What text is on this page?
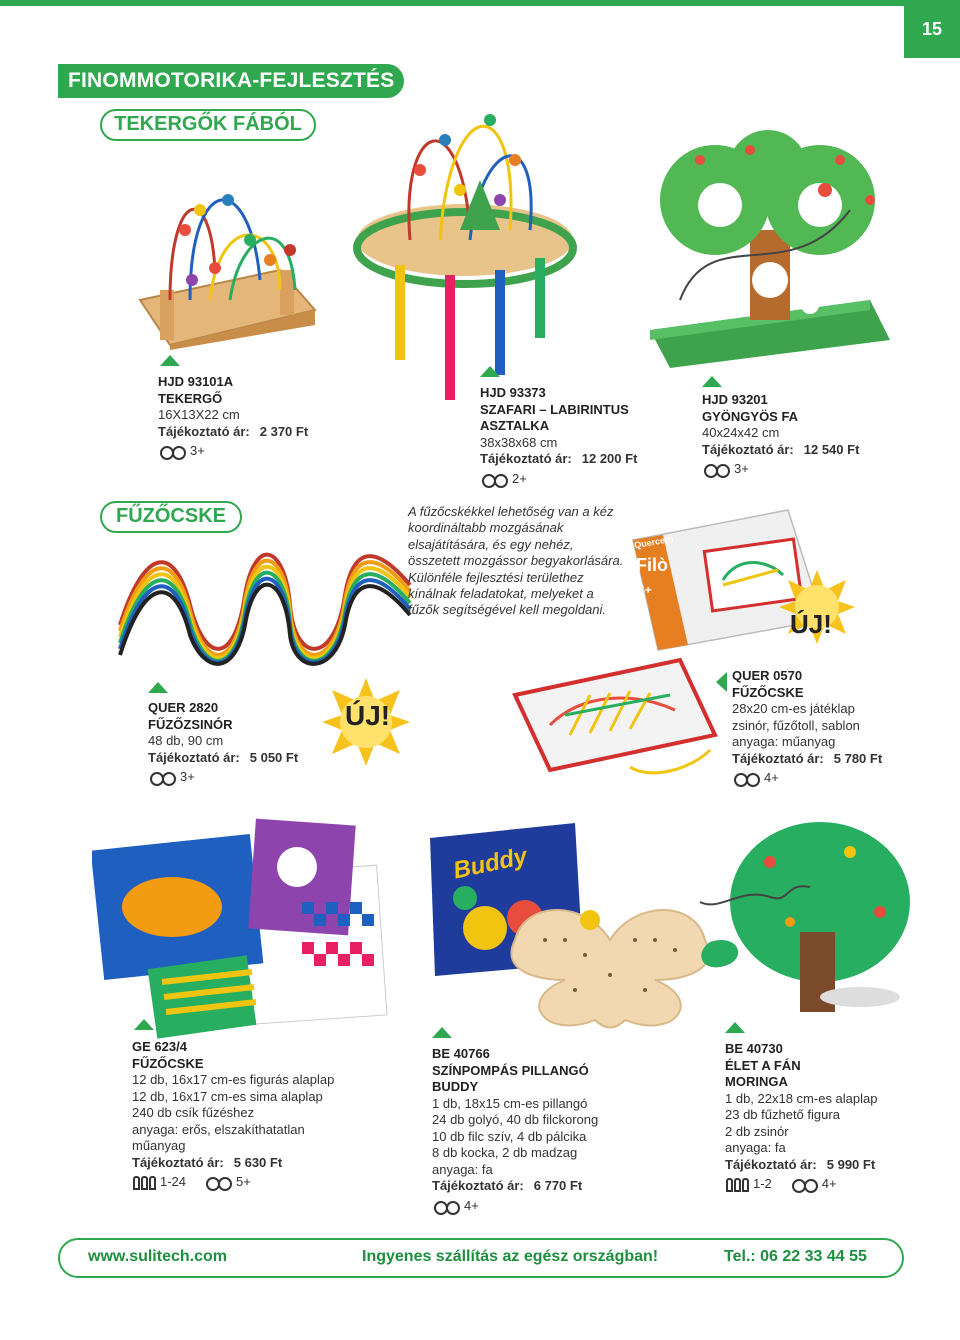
15
FINOMMOTORIKA-FEJLESZTÉS
TEKERGŐK FÁBÓL
HJD 93101A
TEKERGŐ
16X13X22 cm
Tájékoztató ár: 2 370 Ft
3+
HJD 93373
SZAFARI – LABIRINTUS
ASZTALKA
38x38x68 cm
Tájékoztató ár: 12 200 Ft
2+
HJD 93201
GYÖNGYÖS FA
40x24x42 cm
Tájékoztató ár: 12 540 Ft
3+
FŰZŐCSKE	A fűzőcskékkel lehetőség van a kéz koordináltabb mozgásának elsajátítására, és egy nehéz, összetett mozgássor begyakorlására. Különféle fejlesztési területhez kínálnak feladatokat, melyeket a fűzők segítségével kell megoldani.
Quercetti
Filò
4+
ÚJ!
QUER 2820
FŰZŐZSINÓR
48 db, 90 cm
Tájékoztató ár: 5 050 Ft
3+
ÚJ!
QUER 0570
FŰZŐCSKE
28x20 cm-es játéklap
zsinór, fűzőtoll, sablon
anyaga: műanyag
Tájékoztató ár: 5 780 Ft
4+
Buddy
GE 623/4
FŰZŐCSKE
12 db, 16x17 cm-es figurás alaplap
12 db, 16x17 cm-es sima alaplap
240 db csík fűzéshez
anyaga: erős, elszakíthatatlan
műanyag
Tájékoztató ár: 5 630 Ft
1-24	5+
BE 40766
SZÍNPOMPÁS PILLANGÓ
BUDDY
1 db, 18x15 cm-es pillangó
24 db golyó, 40 db filckorong
10 db filc szív, 4 db pálcika
8 db kocka, 2 db madzag
anyaga: fa
Tájékoztató ár: 6 770 Ft
4+
BE 40730
ÉLET A FÁN
MORINGA
1 db, 22x18 cm-es alaplap
23 db fűzhető figura
2 db zsinór
anyaga: fa
Tájékoztató ár: 5 990 Ft
1-2	4+
www.sulitech.com	Ingyenes szállítás az egész országban!	Tel.: 06 22 33 44 55
